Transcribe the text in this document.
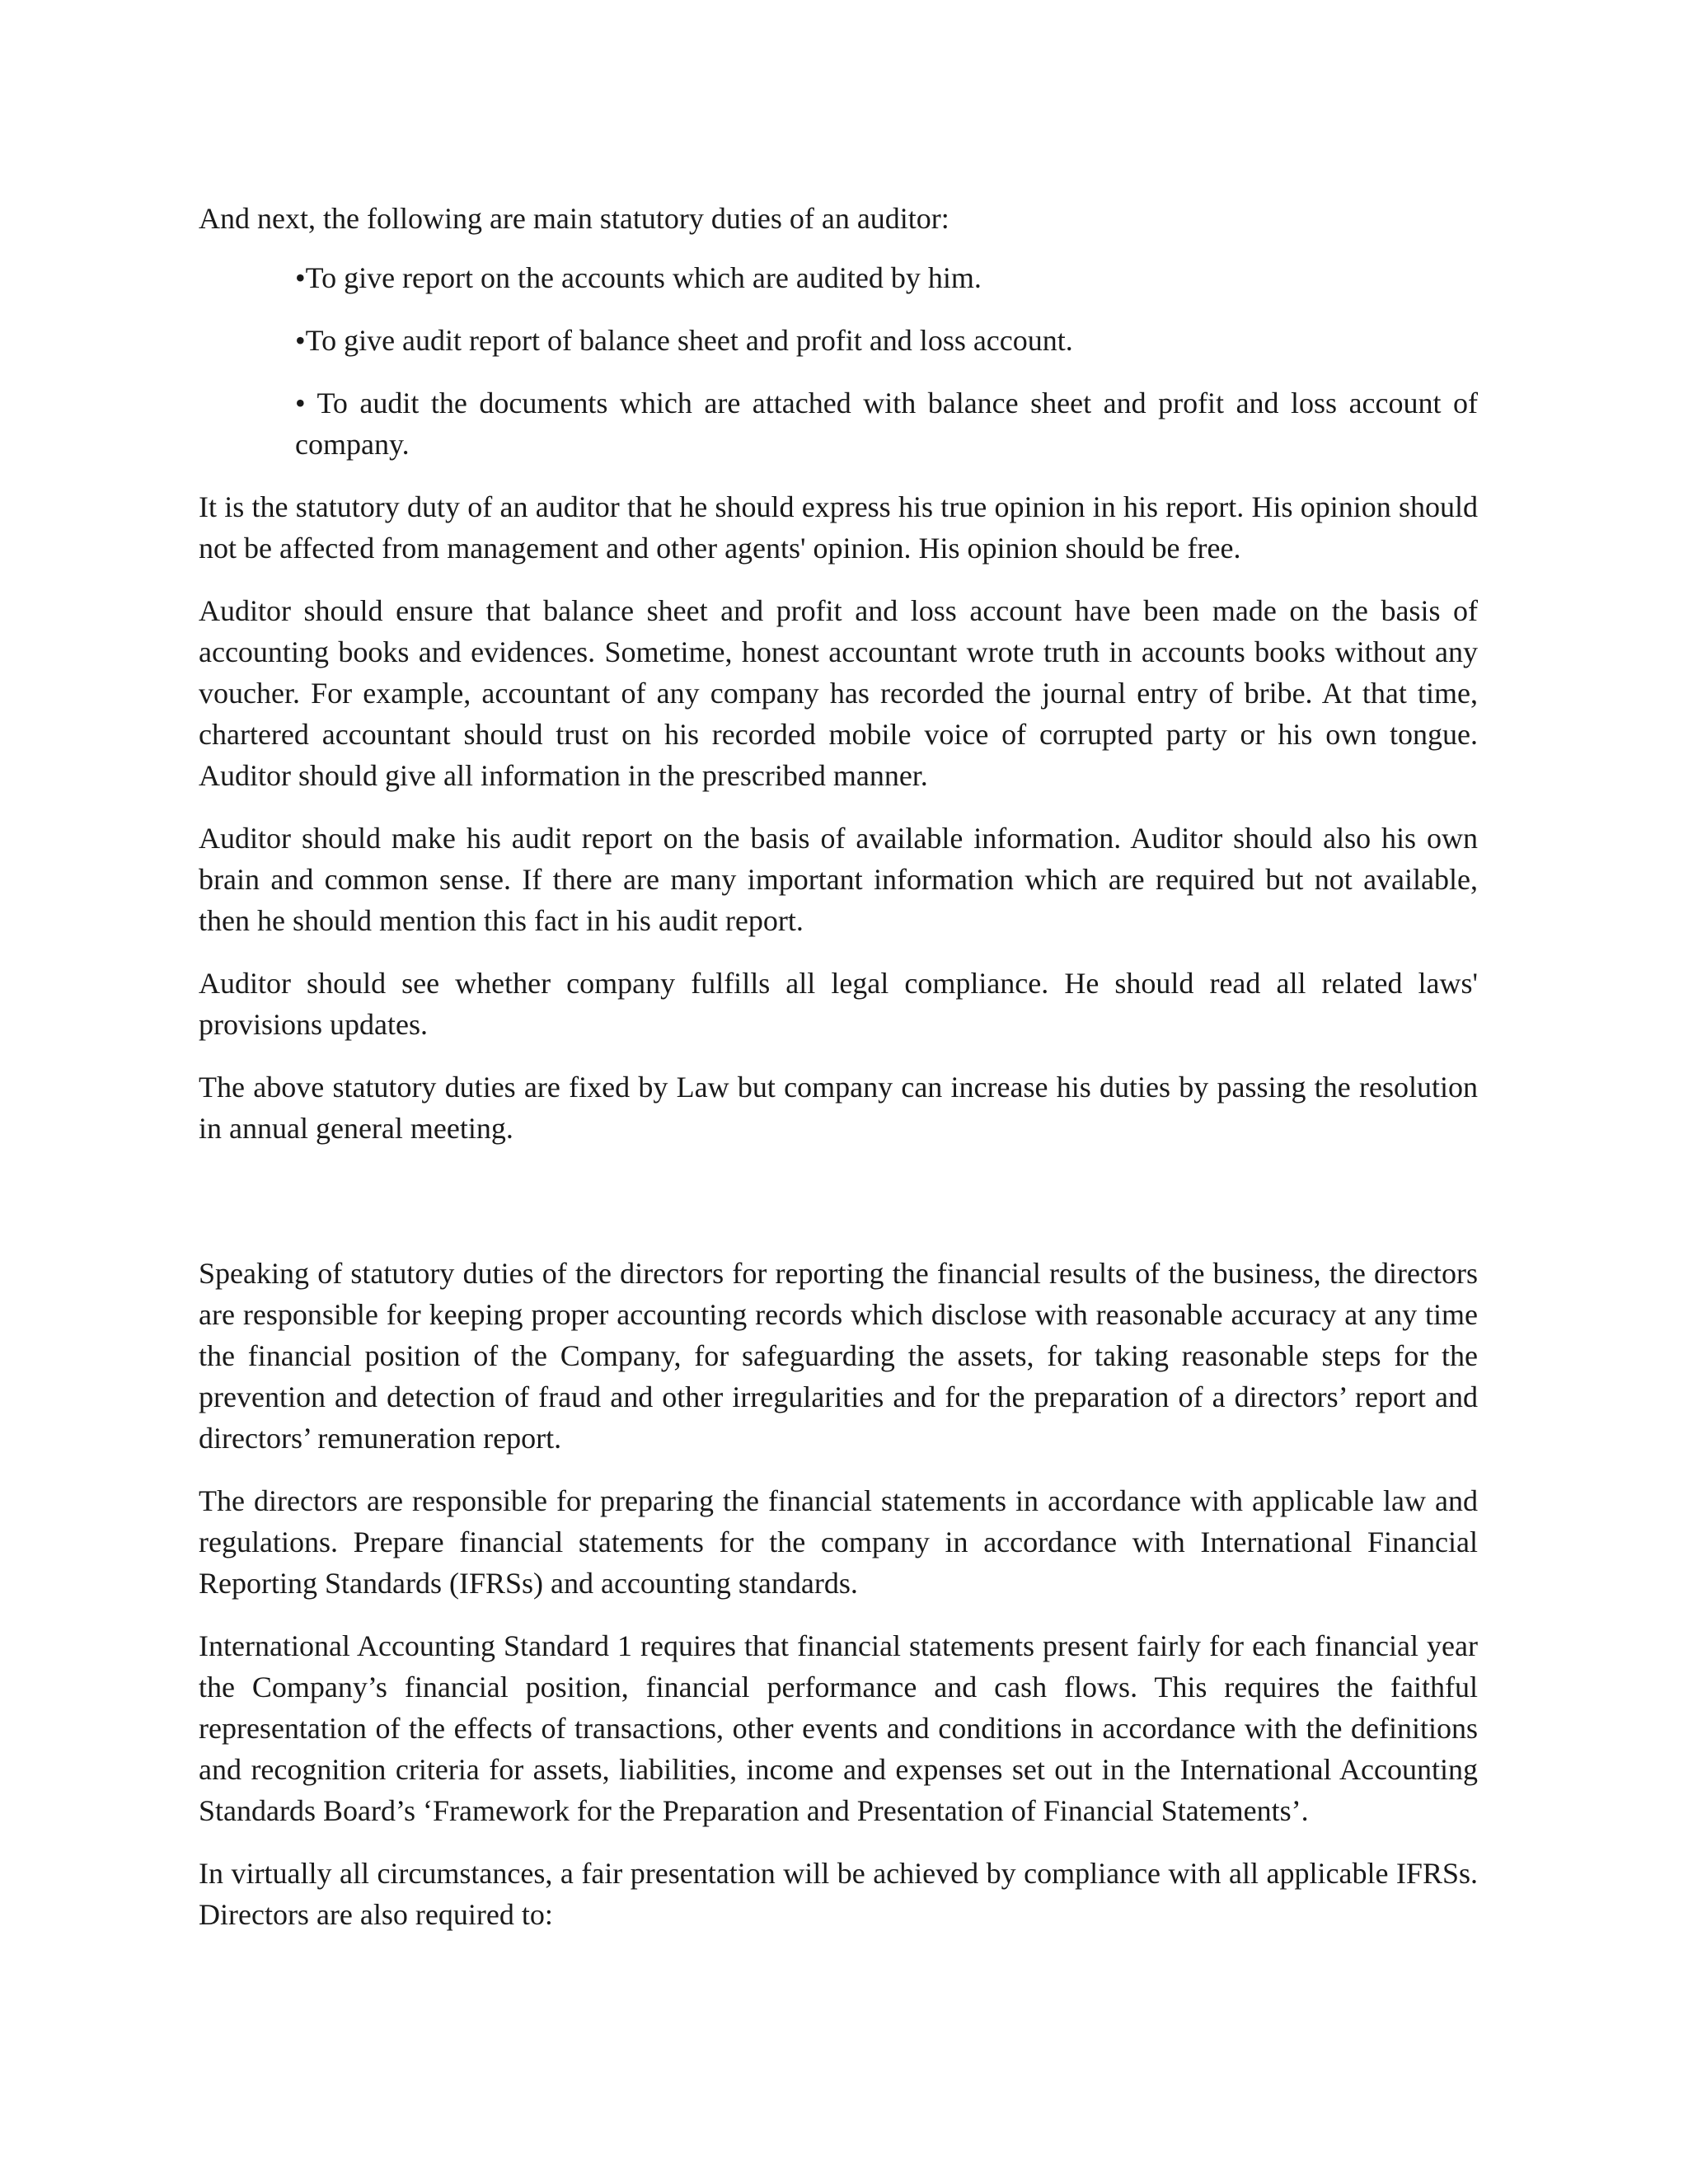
And next, the following are main statutory duties of an auditor:

•To give report on the accounts which are audited by him.
•To give audit report of balance sheet and profit and loss account.
• To audit the documents which are attached with balance sheet and profit and loss account of company.

It is the statutory duty of an auditor that he should express his true opinion in his report. His opinion should not be affected from management and other agents' opinion. His opinion should be free.

Auditor should ensure that balance sheet and profit and loss account have been made on the basis of accounting books and evidences. Sometime, honest accountant wrote truth in accounts books without any voucher. For example, accountant of any company has recorded the journal entry of bribe. At that time, chartered accountant should trust on his recorded mobile voice of corrupted party or his own tongue. Auditor should give all information in the prescribed manner.

Auditor should make his audit report on the basis of available information. Auditor should also his own brain and common sense. If there are many important information which are required but not available, then he should mention this fact in his audit report.

Auditor should see whether company fulfills all legal compliance. He should read all related laws' provisions updates.

The above statutory duties are fixed by Law but company can increase his duties by passing the resolution in annual general meeting.

Speaking of statutory duties of the directors for reporting the financial results of the business, the directors are responsible for keeping proper accounting records which disclose with reasonable accuracy at any time the financial position of the Company, for safeguarding the assets, for taking reasonable steps for the prevention and detection of fraud and other irregularities and for the preparation of a directors’ report and directors’ remuneration report.

The directors are responsible for preparing the financial statements in accordance with applicable law and regulations. Prepare financial statements for the company in accordance with International Financial Reporting Standards (IFRSs) and accounting standards.

International Accounting Standard 1 requires that financial statements present fairly for each financial year the Company’s financial position, financial performance and cash flows. This requires the faithful representation of the effects of transactions, other events and conditions in accordance with the definitions and recognition criteria for assets, liabilities, income and expenses set out in the International Accounting Standards Board’s ‘Framework for the Preparation and Presentation of Financial Statements’.

In virtually all circumstances, a fair presentation will be achieved by compliance with all applicable IFRSs. Directors are also required to:
